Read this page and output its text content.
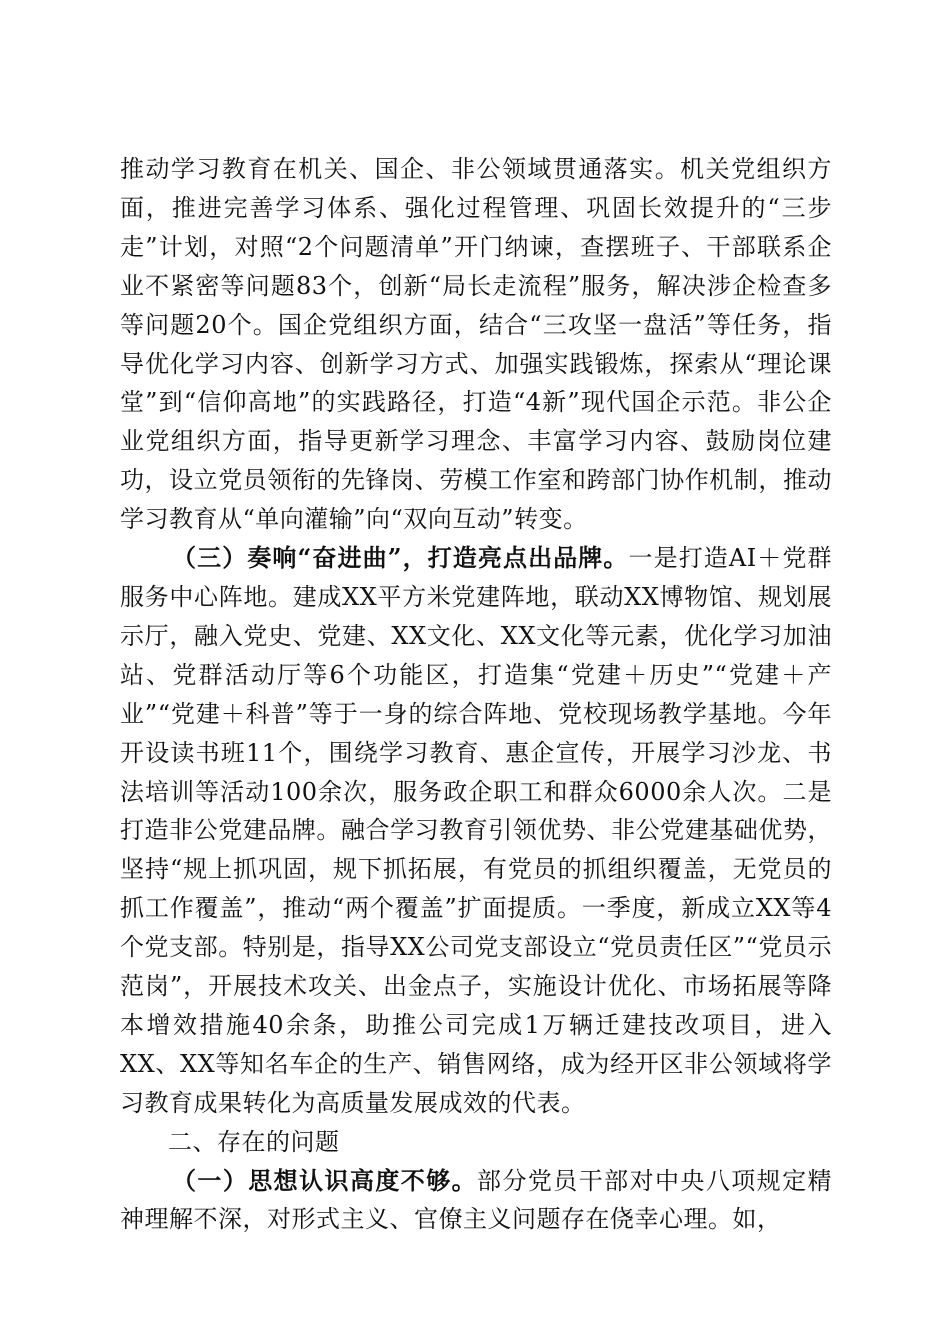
推动学习教育在机关、国企、非公领域贯通落实。机关党组织方面，推进完善学习体系、强化过程管理、巩固长效提升的“三步走”计划，对照“2个问题清单”开门纳谏，查摆班子、干部联系企业不紧密等问题83个，创新“局长走流程”服务，解决涉企检查多等问题20个。国企党组织方面，结合“三攻坚一盘活”等任务，指导优化学习内容、创新学习方式、加强实践锻炼，探索从“理论课堂”到“信仰高地”的实践路径，打造“4新”现代国企示范。非公企业党组织方面，指导更新学习理念、丰富学习内容、鼓励岗位建功，设立党员领衔的先锋岗、劳模工作室和跨部门协作机制，推动学习教育从“单向灌输”向“双向互动”转变。

（三）奏响“奋进曲”，打造亮点出品牌。一是打造AI＋党群服务中心阵地。建成XX平方米党建阵地，联动XX博物馆、规划展示厅，融入党史、党建、XX文化、XX文化等元素，优化学习加油站、党群活动厅等6个功能区，打造集“党建＋历史”“党建＋产业”“党建＋科普”等于一身的综合阵地、党校现场教学基地。今年开设读书班11个，围绕学习教育、惠企宣传，开展学习沙龙、书法培训等活动100余次，服务政企职工和群众6000余人次。二是打造非公党建品牌。融合学习教育引领优势、非公党建基础优势，坚持“规上抓巩固，规下抓拓展，有党员的抓组织覆盖，无党员的抓工作覆盖”，推动“两个覆盖”扩面提质。一季度，新成立XX等4个党支部。特别是，指导XX公司党支部设立“党员责任区”“党员示范岗”，开展技术攻关、出金点子，实施设计优化、市场拓展等降本增效措施40余条，助推公司完成1万辆迁建技改项目，进入XX、XX等知名车企的生产、销售网络，成为经开区非公领域将学习教育成果转化为高质量发展成效的代表。

二、存在的问题

（一）思想认识高度不够。部分党员干部对中央八项规定精神理解不深，对形式主义、官僚主义问题存在侥幸心理。如，
